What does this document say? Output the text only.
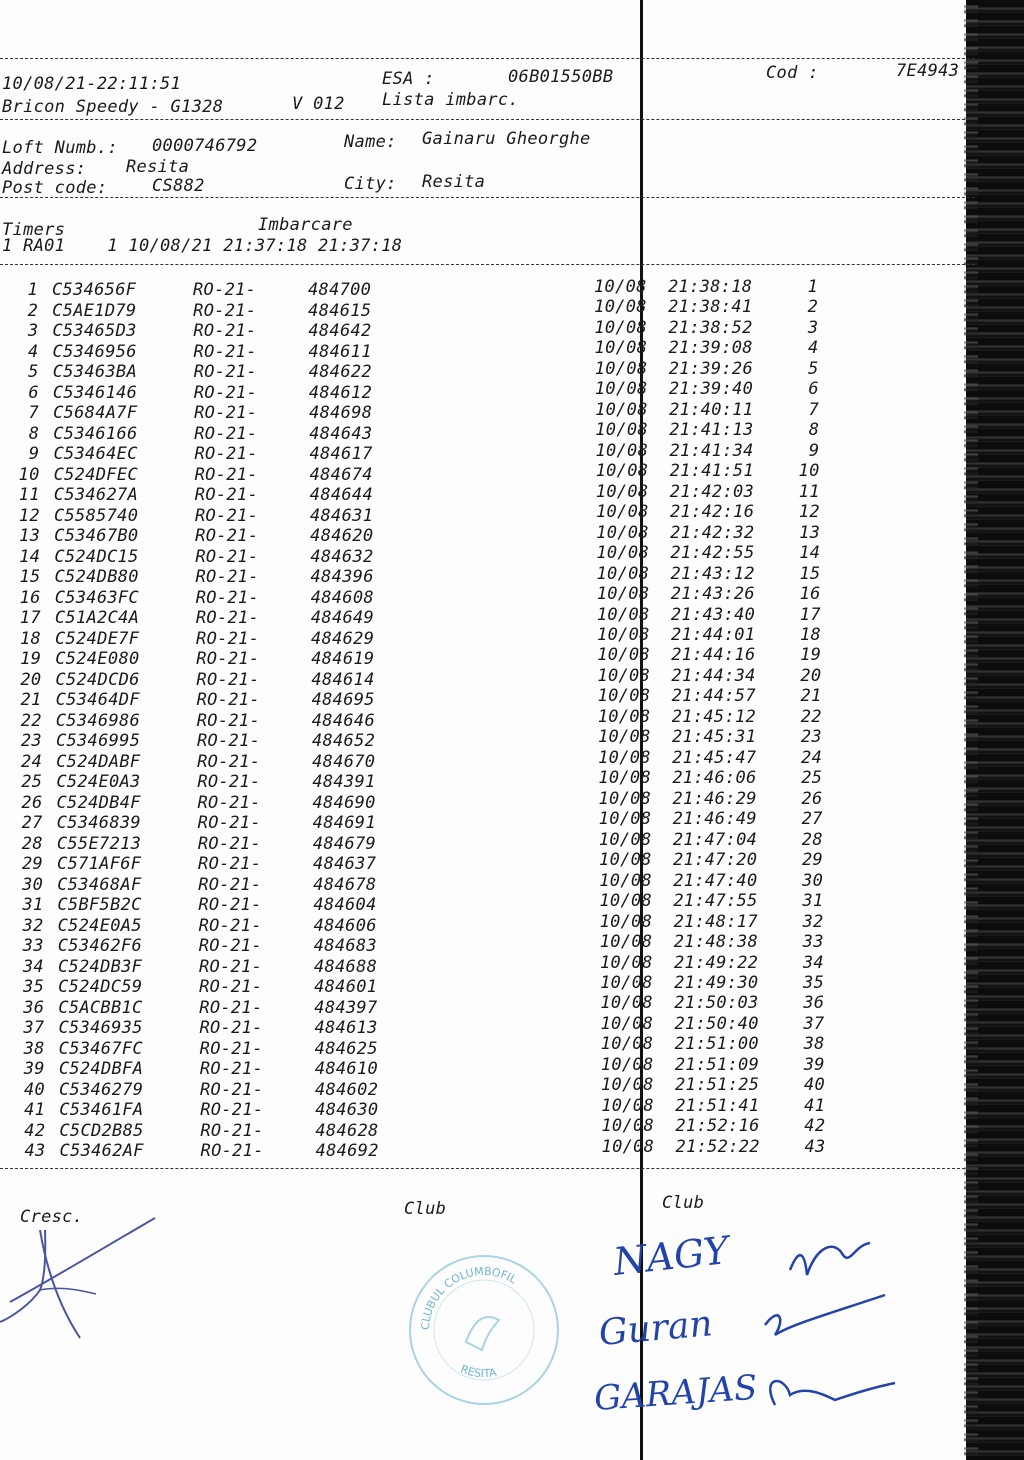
10/08/21-22:11:51	ESA :	06B01550BB	Cod :	7E4943
Bricon Speedy - G1328	V 012 Lista imbarc.
Loft Numb.: 0000746792	Name: Gainaru Gheorghe
Address: Resita
Post code:	CS882	City: Resita
Timers	Imbarcare
1 RA01    1 10/08/21 21:37:18 21:37:18
1 C534656F	RO-21-	484700	10/08 21:38:18	1
2 C5AE1D79	RO-21-	484615	10/08 21:38:41	2
3 C53465D3	RO-21-	484642	10/08 21:38:52	3
4 C5346956	RO-21-	484611	10/08 21:39:08	4
5 C53463BA	RO-21-	484622	10/08 21:39:26	5
6 C5346146	RO-21-	484612	10/08 21:39:40	6
7 C5684A7F	RO-21-	484698	10/08 21:40:11	7
8 C5346166	RO-21-	484643	10/08 21:41:13	8
9 C53464EC	RO-21-	484617	10/08 21:41:34	9
10 C524DFEC	RO-21-	484674	10/08 21:41:51	10
11 C534627A	RO-21-	484644	10/08 21:42:03	11
12 C5585740	RO-21-	484631	10/08 21:42:16	12
13 C53467B0	RO-21-	484620	10/08 21:42:32	13
14 C524DC15	RO-21-	484632	10/08 21:42:55	14
15 C524DB80	RO-21-	484396	10/08 21:43:12	15
16 C53463FC	RO-21-	484608	10/08 21:43:26	16
17 C51A2C4A	RO-21-	484649	10/08 21:43:40	17
18 C524DE7F	RO-21-	484629	10/08 21:44:01	18
19 C524E080	RO-21-	484619	10/08 21:44:16	19
20 C524DCD6	RO-21-	484614	10/08 21:44:34	20
21 C53464DF	RO-21-	484695	10/08 21:44:57	21
22 C5346986	RO-21-	484646	10/08 21:45:12	22
23 C5346995	RO-21-	484652	10/08 21:45:31	23
24 C524DABF	RO-21-	484670	10/08 21:45:47	24
25 C524E0A3	RO-21-	484391	10/08 21:46:06	25
26 C524DB4F	RO-21-	484690	10/08 21:46:29	26
27 C5346839	RO-21-	484691	10/08 21:46:49	27
28 C55E7213	RO-21-	484679	10/08 21:47:04	28
29 C571AF6F	RO-21-	484637	10/08 21:47:20	29
30 C53468AF	RO-21-	484678	10/08 21:47:40	30
31 C5BF5B2C	RO-21-	484604	10/08 21:47:55	31
32 C524E0A5	RO-21-	484606	10/08 21:48:17	32
33 C53462F6	RO-21-	484683	10/08 21:48:38	33
34 C524DB3F	RO-21-	484688	10/08 21:49:22	34
35 C524DC59	RO-21-	484601	10/08 21:49:30	35
36 C5ACBB1C	RO-21-	484397	10/08 21:50:03	36
37 C5346935	RO-21-	484613	10/08 21:50:40	37
38 C53467FC	RO-21-	484625	10/08 21:51:00	38
39 C524DBFA	RO-21-	484610	10/08 21:51:09	39
40 C5346279	RO-21-	484602	10/08 21:51:25	40
41 C53461FA	RO-21-	484630	10/08 21:51:41	41
42 C5CD2B85	RO-21-	484628	10/08 21:52:16	42
43 C53462AF	RO-21-	484692	10/08 21:52:22	43
Cresc.	Club	Club
CLUBUL COLUMBOFIL
RESITA
NAGY
Guran
GARAJAS
